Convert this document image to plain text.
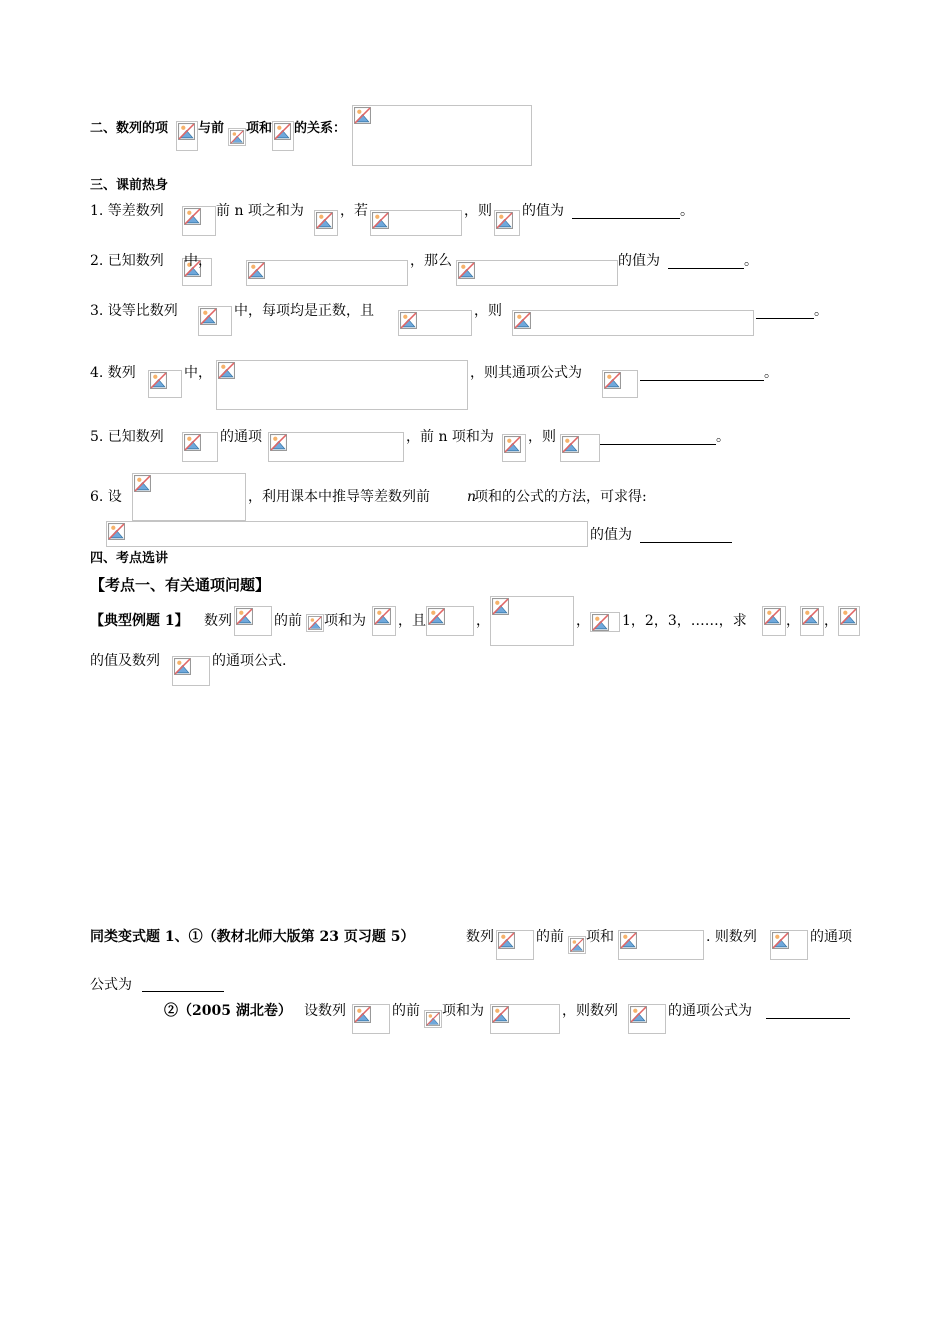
二、数列的项 与前 项和 的关系：
三、课前热身
1. 等差数列	前 n 项之和为	，若	，则 的值为	。
2. 已知数列 中，	，那么	的值为	。
3. 设等比数列	中，每项均是正数，且	，则	。
4. 数列	中，	，则其通项公式为	。
5. 已知数列	的通项	，前 n 项和为 ，则	。
6. 设	，利用课本中推导等差数列前	n
项和的公式的方法，可求得:
的值为
四、考点选讲
【考点一、有关通项问题】
【典型例题 1】 数列	的前 项和为 ，且	，	， 1，2，3，……，求	， ，
的值及数列	的通项公式.
同类变式题 1、①（教材北师大版第 23 页习题 5）	数列	的前 项和	. 则数列	的通项
公式为
②（2005 湖北卷） 设数列	的前 项和为	，则数列	的通项公式为
